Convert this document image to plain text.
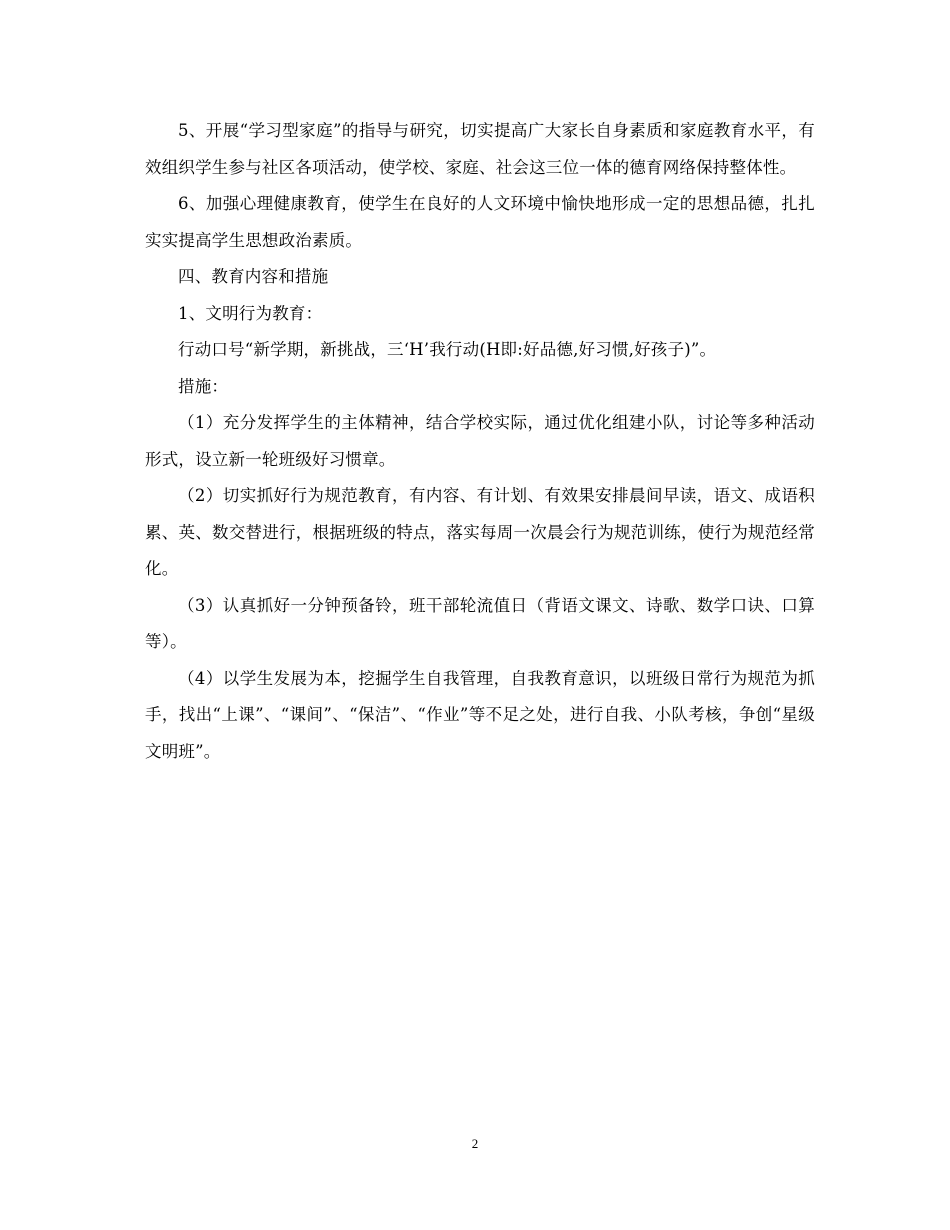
5、开展“学习型家庭”的指导与研究，切实提高广大家长自身素质和家庭教育水平，有效组织学生参与社区各项活动，使学校、家庭、社会这三位一体的德育网络保持整体性。

6、加强心理健康教育，使学生在良好的人文环境中愉快地形成一定的思想品德，扎扎实实提高学生思想政治素质。

四、教育内容和措施

1、文明行为教育：

行动口号“新学期，新挑战，三‘H’我行动(H即:好品德,好习惯,好孩子)”。

措施：

（1）充分发挥学生的主体精神，结合学校实际，通过优化组建小队，讨论等多种活动形式，设立新一轮班级好习惯章。

（2）切实抓好行为规范教育，有内容、有计划、有效果安排晨间早读，语文、成语积累、英、数交替进行，根据班级的特点，落实每周一次晨会行为规范训练，使行为规范经常化。

（3）认真抓好一分钟预备铃，班干部轮流值日（背语文课文、诗歌、数学口诀、口算等）。

（4）以学生发展为本，挖掘学生自我管理，自我教育意识，以班级日常行为规范为抓手，找出“上课”、“课间”、“保洁”、“作业”等不足之处，进行自我、小队考核，争创“星级文明班”。

2
